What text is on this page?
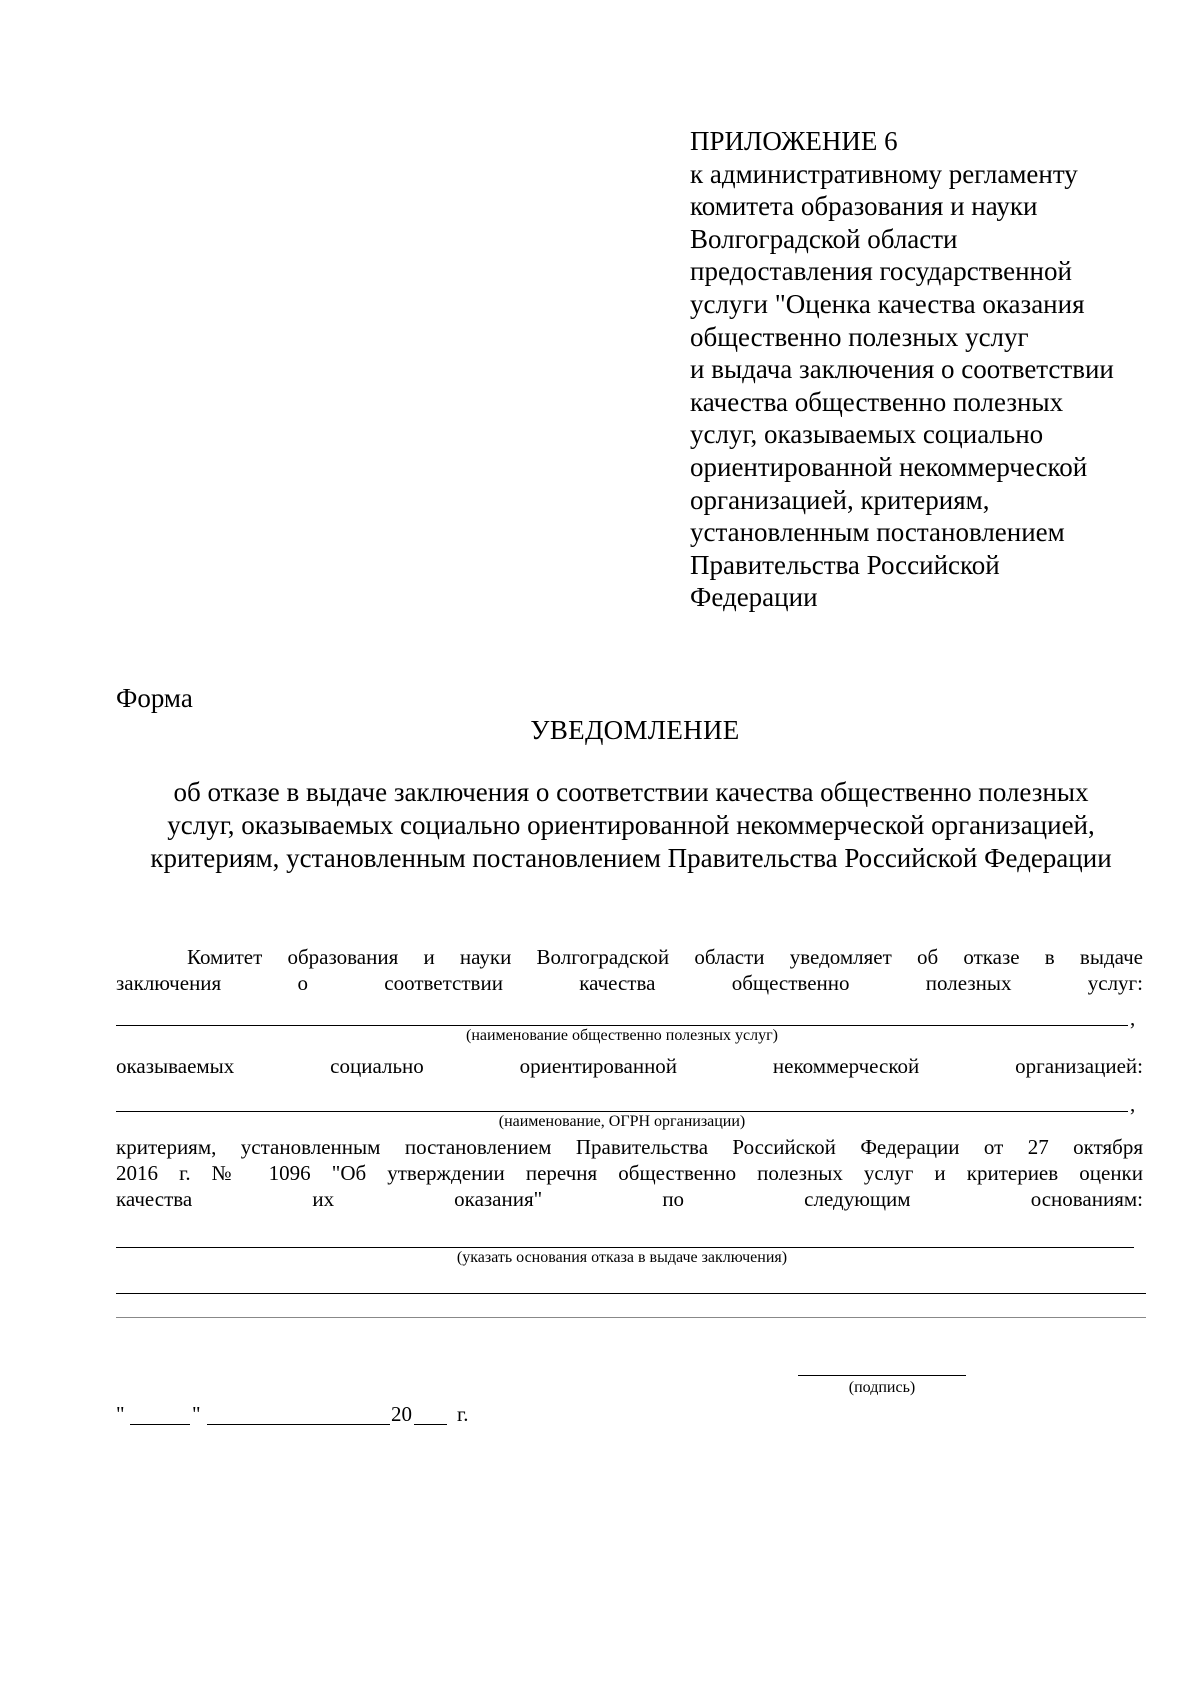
ПРИЛОЖЕНИЕ 6
к административному регламенту
комитета образования и науки
Волгоградской области
предоставления государственной
услуги "Оценка качества оказания
общественно полезных услуг
и выдача заключения о соответствии
качества общественно полезных
услуг, оказываемых социально
ориентированной некоммерческой
организацией, критериям,
установленным постановлением
Правительства Российской
Федерации
Форма
УВЕДОМЛЕНИЕ
об отказе в выдаче заключения о соответствии качества общественно полезных
услуг, оказываемых социально ориентированной некоммерческой организацией,
критериям, установленным постановлением Правительства Российской Федерации
Комитет образования и науки Волгоградской области уведомляет об отказе в выдаче
заключения о соответствии качества общественно полезных услуг:
,
(наименование общественно полезных услуг)
оказываемых социально ориентированной некоммерческой организацией:
,
(наименование, ОГРН организации)
критериям, установленным постановлением Правительства Российской Федерации от 27 октября
2016 г. № 1096 "Об утверждении перечня общественно полезных услуг и критериев оценки
качества их оказания" по следующим основаниям:
(указать основания отказа в выдаче заключения)
(подпись)
"	"	20 г.
